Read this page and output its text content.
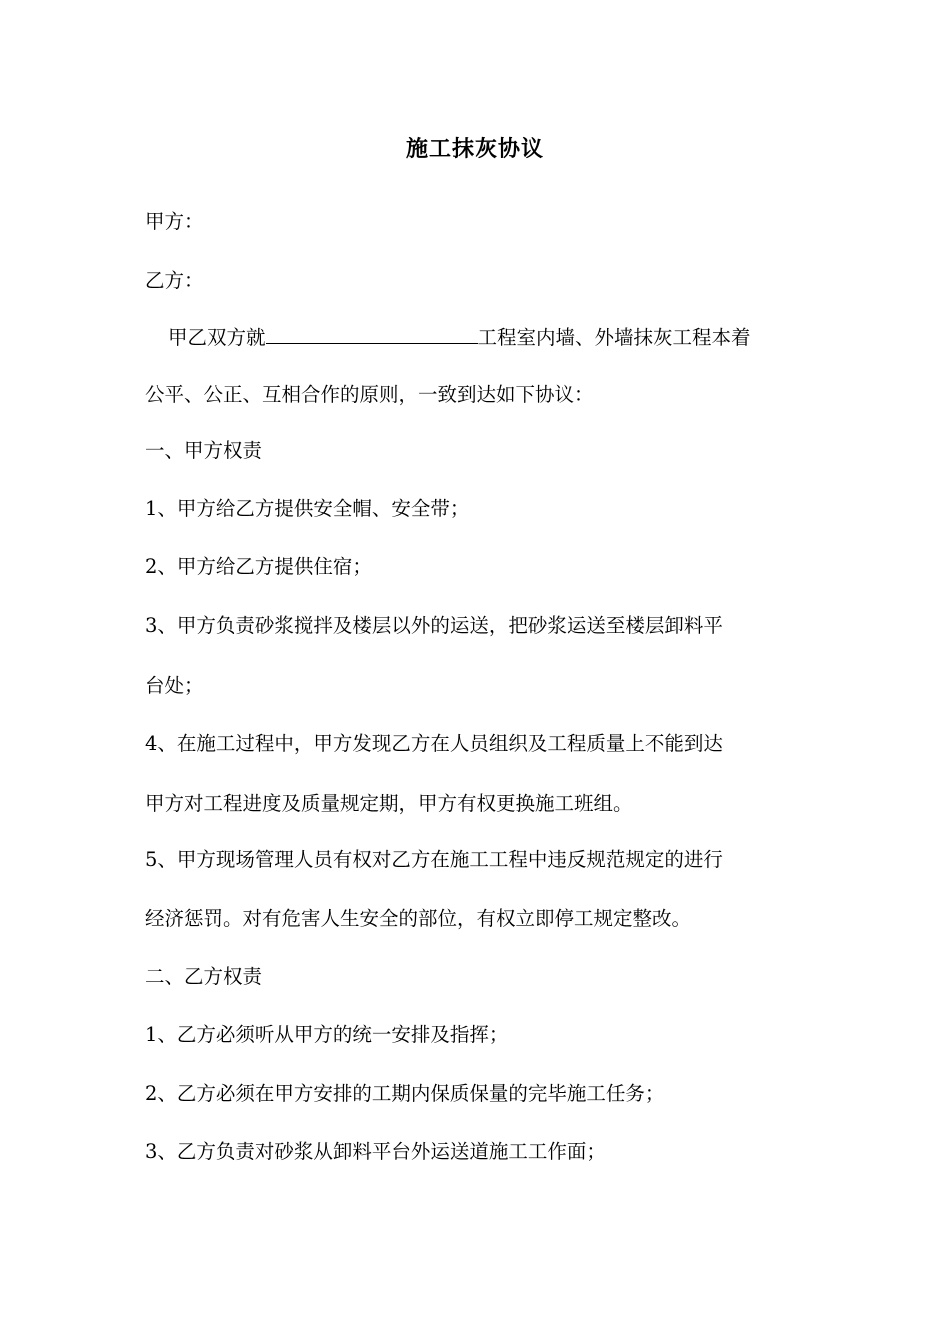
施工抹灰协议
甲方：
乙方：
甲乙双方就	工程室内墙、外墙抹灰工程本着
公平、公正、互相合作的原则，一致到达如下协议：
一、甲方权责
1、甲方给乙方提供安全帽、安全带；
2、甲方给乙方提供住宿；
3、甲方负责砂浆搅拌及楼层以外的运送，把砂浆运送至楼层卸料平
台处；
4、在施工过程中，甲方发现乙方在人员组织及工程质量上不能到达
甲方对工程进度及质量规定期，甲方有权更换施工班组。
5、甲方现场管理人员有权对乙方在施工工程中违反规范规定的进行
经济惩罚。对有危害人生安全的部位，有权立即停工规定整改。
二、乙方权责
1、乙方必须听从甲方的统一安排及指挥；
2、乙方必须在甲方安排的工期内保质保量的完毕施工任务；
3、乙方负责对砂浆从卸料平台外运送道施工工作面；
